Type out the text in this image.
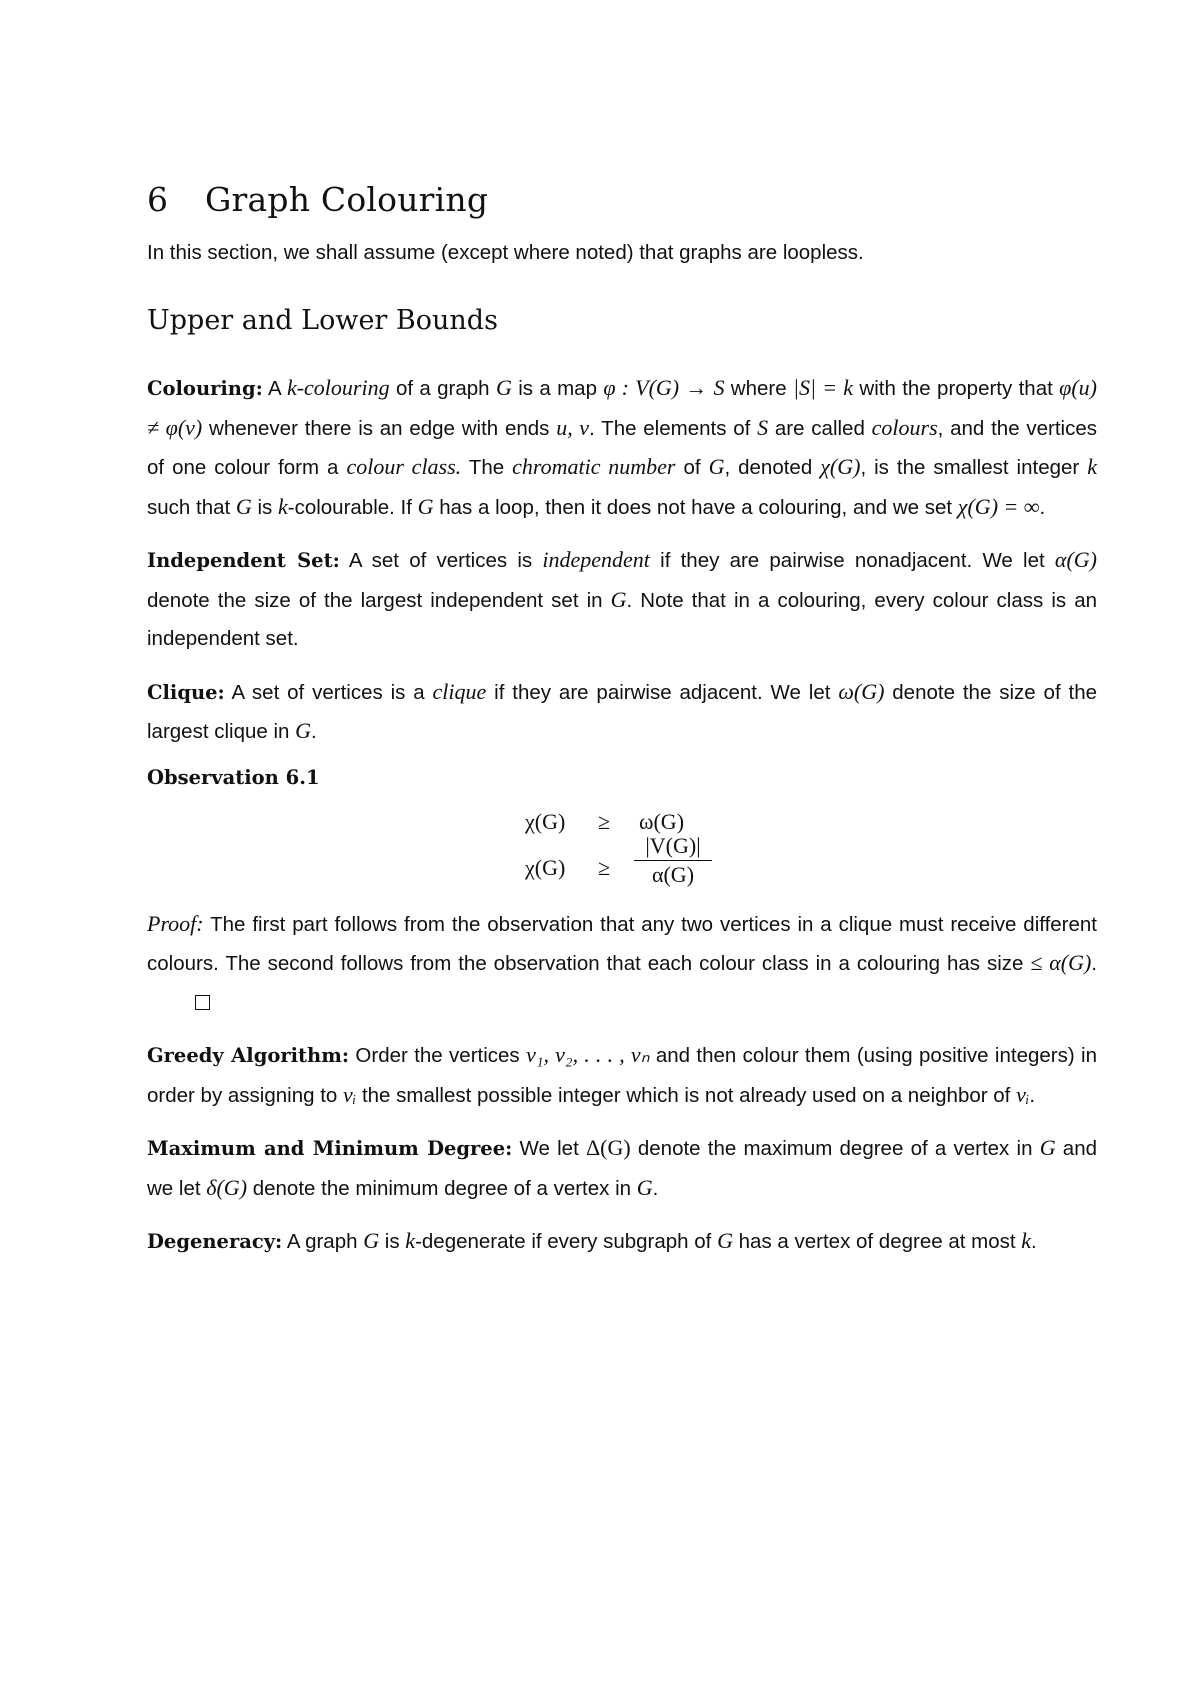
6 Graph Colouring

In this section, we shall assume (except where noted) that graphs are loopless.

Upper and Lower Bounds

Colouring: A k-colouring of a graph G is a map φ : V(G) → S where |S| = k with the property that φ(u) ≠ φ(v) whenever there is an edge with ends u, v. The elements of S are called colours, and the vertices of one colour form a colour class. The chromatic number of G, denoted χ(G), is the smallest integer k such that G is k-colourable. If G has a loop, then it does not have a colouring, and we set χ(G) = ∞.

Independent Set: A set of vertices is independent if they are pairwise nonadjacent. We let α(G) denote the size of the largest independent set in G. Note that in a colouring, every colour class is an independent set.

Clique: A set of vertices is a clique if they are pairwise adjacent. We let ω(G) denote the size of the largest clique in G.

Observation 6.1

χ(G) ≥ ω(G)
χ(G) ≥
|V(G)|
α(G)

Proof: The first part follows from the observation that any two vertices in a clique must receive different colours. The second follows from the observation that each colour class in a colouring has size ≤ α(G).

Greedy Algorithm: Order the vertices v₁, v₂, . . . , vₙ and then colour them (using positive integers) in order by assigning to vᵢ the smallest possible integer which is not already used on a neighbor of vᵢ.

Maximum and Minimum Degree: We let Δ(G) denote the maximum degree of a vertex in G and we let δ(G) denote the minimum degree of a vertex in G.

Degeneracy: A graph G is k-degenerate if every subgraph of G has a vertex of degree at most k.
